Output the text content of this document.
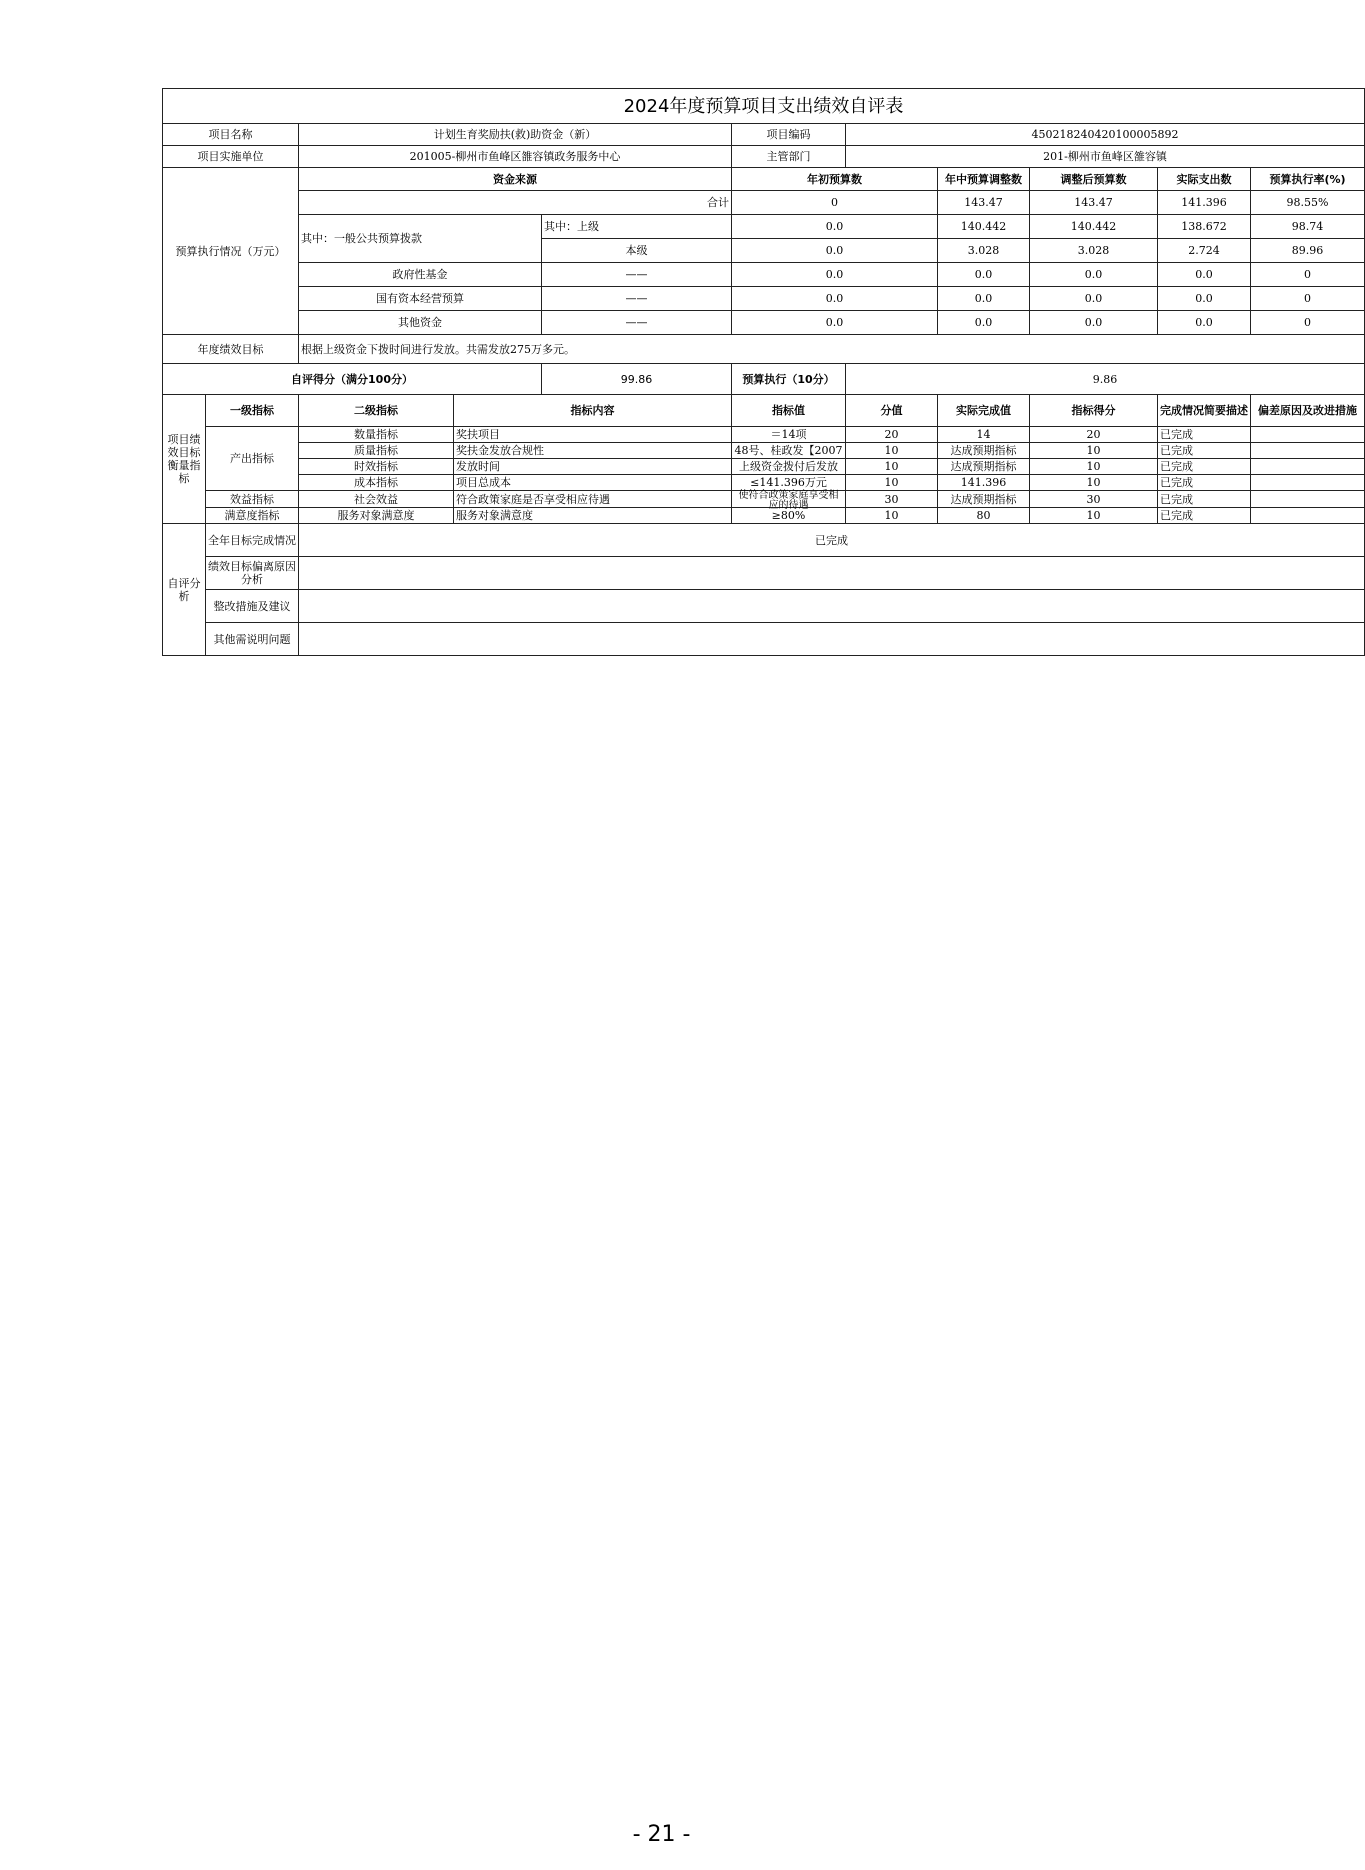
2024年度预算项目支出绩效自评表										
项目名称		计划生育奖励扶(救)助资金（新）			项目编码	450218240420100005892				
项目实施单位		201005-柳州市鱼峰区雒容镇政务服务中心			主管部门	201-柳州市鱼峰区雒容镇				
预算执行情况（万元）		资金来源			年初预算数		年中预算调整数	调整后预算数	实际支出数	预算执行率(%)
		合计			0		143.47	143.47	141.396	98.55%
		其中：一般公共预算拨款		其中：上级	0.0		140.442	140.442	138.672	98.74
				本级	0.0		3.028	3.028	2.724	89.96
		政府性基金		——	0.0		0.0	0.0	0.0	0
		国有资本经营预算		——	0.0		0.0	0.0	0.0	0
		其他资金		——	0.0		0.0	0.0	0.0	0
年度绩效目标		根据上级资金下拨时间进行发放。共需发放275万多元。								
自评得分（满分100分）				99.86	预算执行（10分）	9.86				
项目绩效目标衡量指标	一级指标	二级指标	指标内容		指标值	分值	实际完成值	指标得分	完成情况简要描述	偏差原因及改进措施
	产出指标	数量指标	奖扶项目		＝14项	20	14	20	已完成	
		质量指标	奖扶金发放合规性		48号、桂政发【2007	10	达成预期指标	10	已完成	
		时效指标	发放时间		上级资金拨付后发放	10	达成预期指标	10	已完成	
		成本指标	项目总成本		≤141.396万元	10	141.396	10	已完成	
	效益指标	社会效益	符合政策家庭是否享受相应待遇		使符合政策家庭享受相应的待遇	30	达成预期指标	30	已完成	
	满意度指标	服务对象满意度	服务对象满意度		≥80%	10	80	10	已完成	
自评分析	全年目标完成情况	已完成								
	绩效目标偏离原因分析									
	整改措施及建议									
	其他需说明问题									
- 21 -
